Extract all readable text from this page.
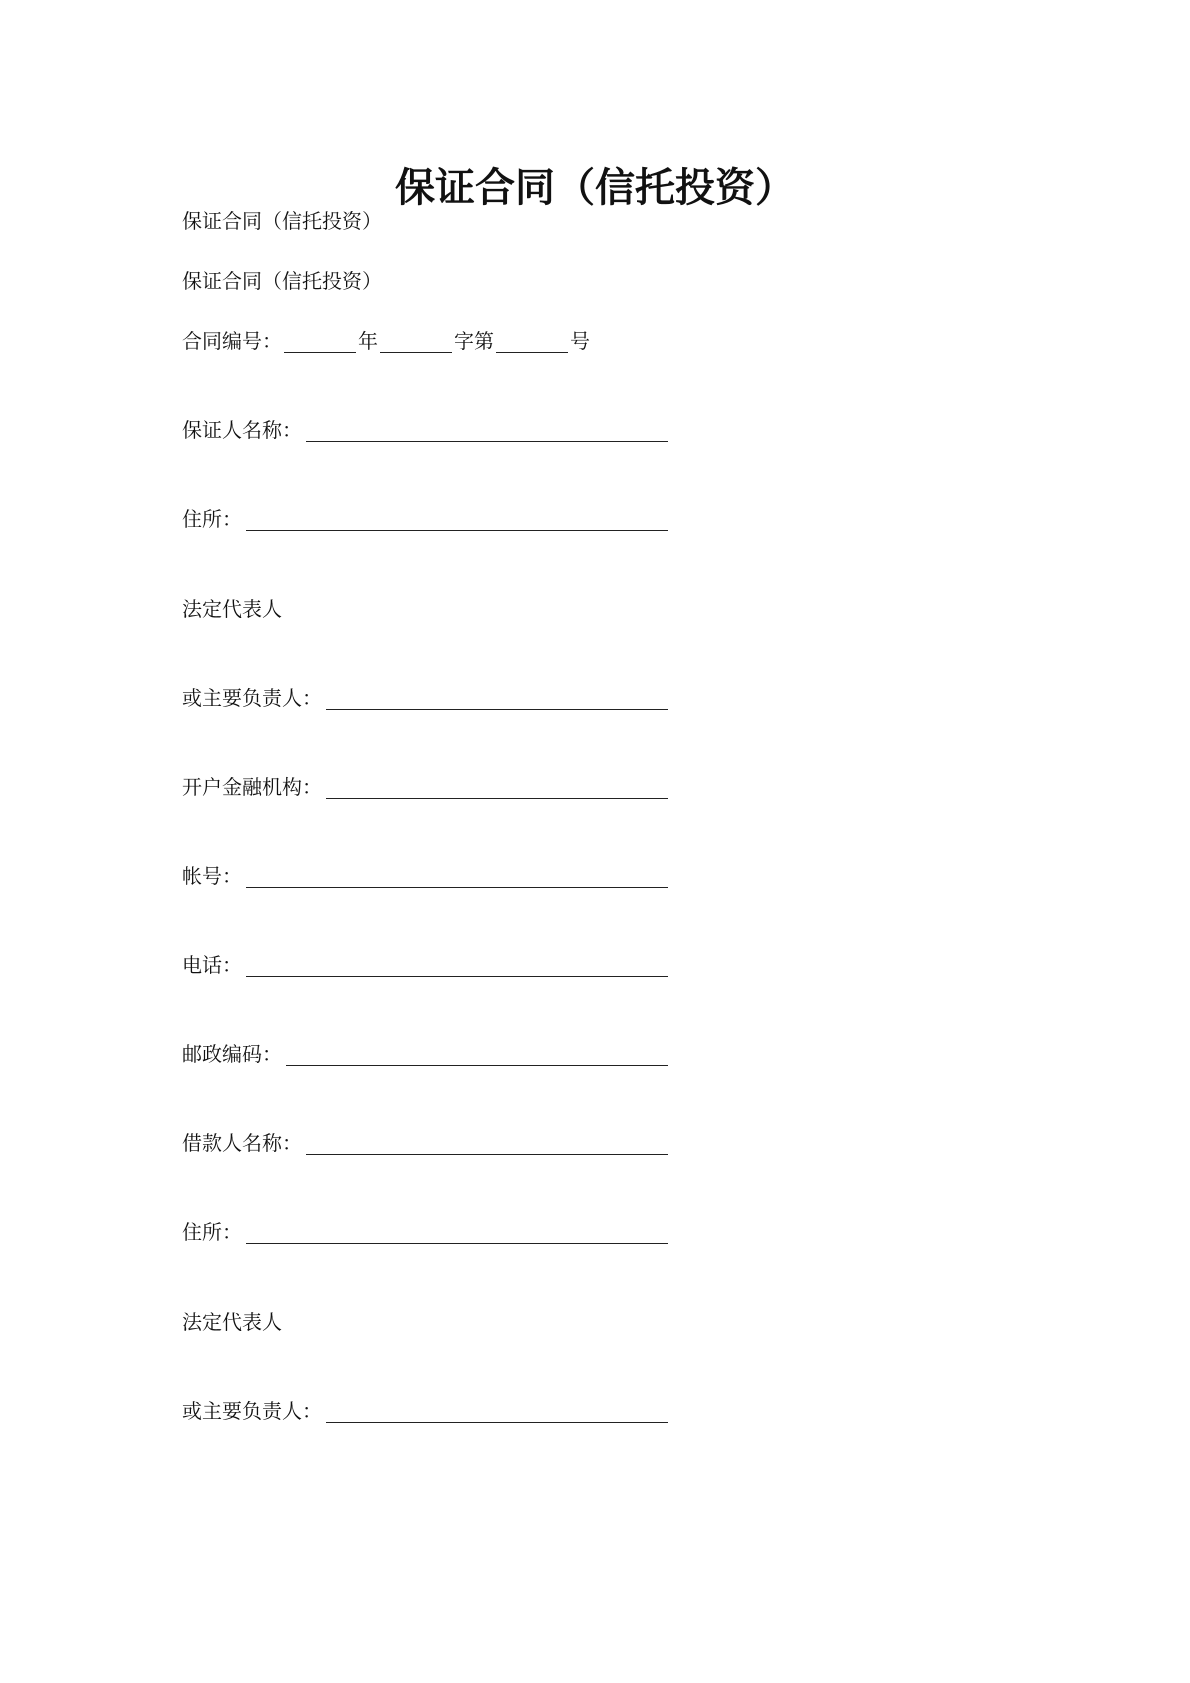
保证合同（信托投资）
保证合同（信托投资）
保证合同（信托投资）
合同编号：	年	字第	号
保证人名称：
住所：
法定代表人
或主要负责人：
开户金融机构：
帐号：
电话：
邮政编码：
借款人名称：
住所：
法定代表人
或主要负责人：
